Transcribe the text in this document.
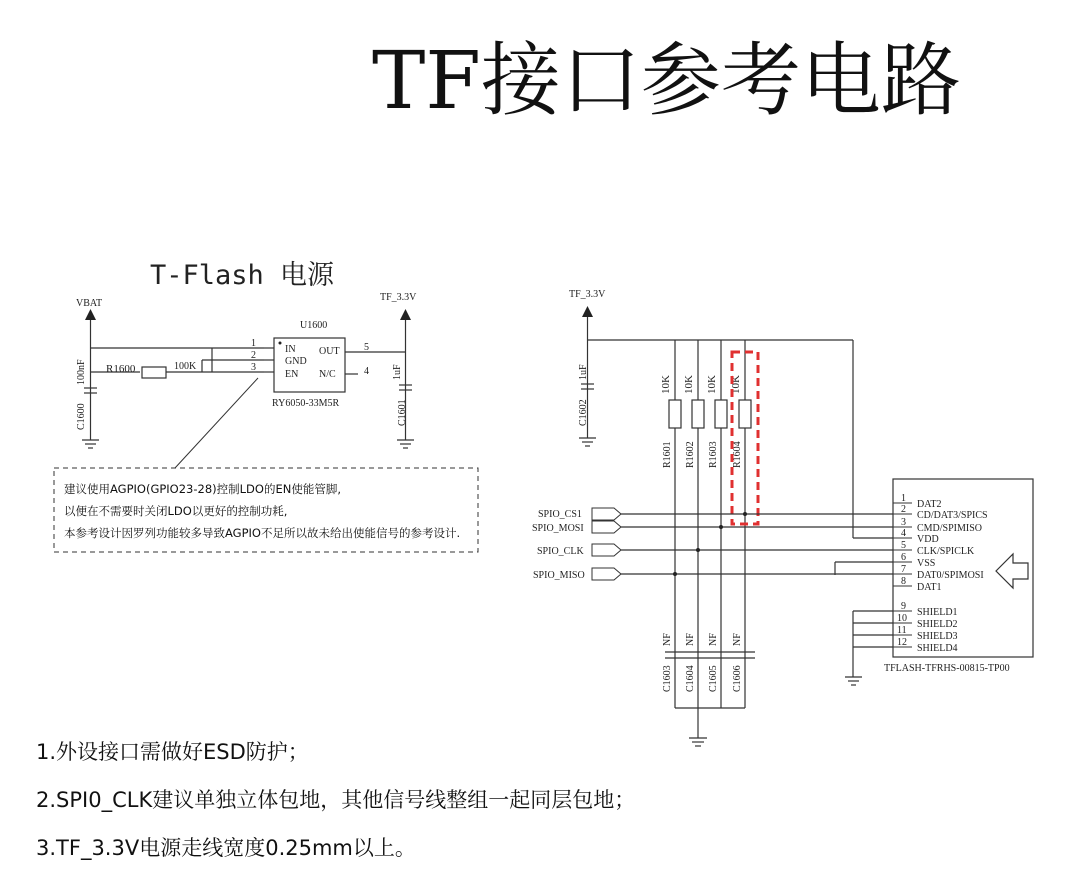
TF接口参考电路
T-Flash 电源
VBAT
100nF
C1600
R1600	100K
U1600
1
2
3
IN
GND
EN
OUT
N/C
5
4
RY6050-33M5R
TF_3.3V
1uF
C1601
建议使用AGPIO(GPIO23-28)控制LDO的EN使能管脚,
以便在不需要时关闭LDO以更好的控制功耗,
本参考设计因罗列功能较多导致AGPIO不足所以故未给出使能信号的参考设计.
TF_3.3V
1uF
C1602
10K 10K 10K 10K
R1601 R1602 R1603 R1604
SPIO_CS1
SPIO_MOSI
SPIO_CLK
SPIO_MISO
NF NF NF NF
C1603 C1604 C1605 C1606
1
DAT2
2
CD/DAT3/SPICS
3
CMD/SPIMISO
4
VDD
5
CLK/SPICLK
6
VSS
7
DAT0/SPIMOSI
8
DAT1
9
SHIELD1
10
SHIELD2
11
SHIELD3
12
SHIELD4
TFLASH-TFRHS-00815-TP00
1.外设接口需做好ESD防护；
2.SPI0_CLK建议单独立体包地，其他信号线整组一起同层包地；
3.TF_3.3V电源走线宽度0.25mm以上。
